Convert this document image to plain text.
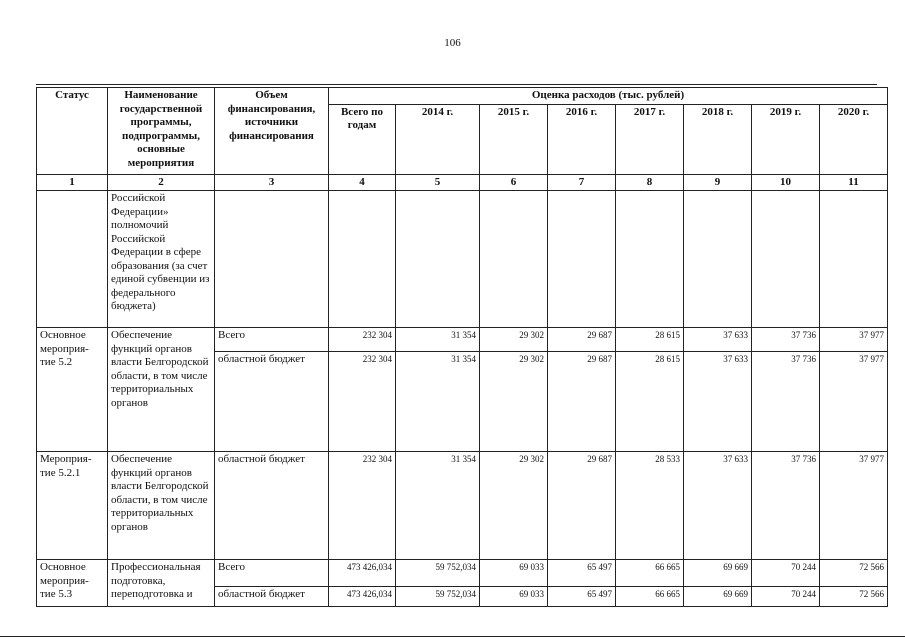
106
Статус	Наименование государственной программы, подпрограммы, основные мероприятия	Объем финансирования, источники финансирования	Оценка расходов (тыс. рублей)							
			Всего по годам	2014 г.	2015 г.	2016 г.	2017 г.	2018 г.	2019 г.	2020 г.
1	2	3	4	5	6	7	8	9	10	11
	Российской Федерации» полномочий Российской Федерации в сфере образования (за счет единой субвенции из федерального бюджета)									
Основное мероприя-тие 5.2	Обеспечение функций органов власти Белгородской области, в том числе территориальных органов	Всего	232 304	31 354	29 302	29 687	28 615	37 633	37 736	37 977
		областной бюджет	232 304	31 354	29 302	29 687	28 615	37 633	37 736	37 977
Мероприя-тие 5.2.1	Обеспечение функций органов власти Белгородской области, в том числе территориальных органов	областной бюджет	232 304	31 354	29 302	29 687	28 533	37 633	37 736	37 977
Основное мероприя-тие 5.3	Профессиональная подготовка, переподготовка и	Всего	473 426,034	59 752,034	69 033	65 497	66 665	69 669	70 244	72 566
		областной бюджет	473 426,034	59 752,034	69 033	65 497	66 665	69 669	70 244	72 566
